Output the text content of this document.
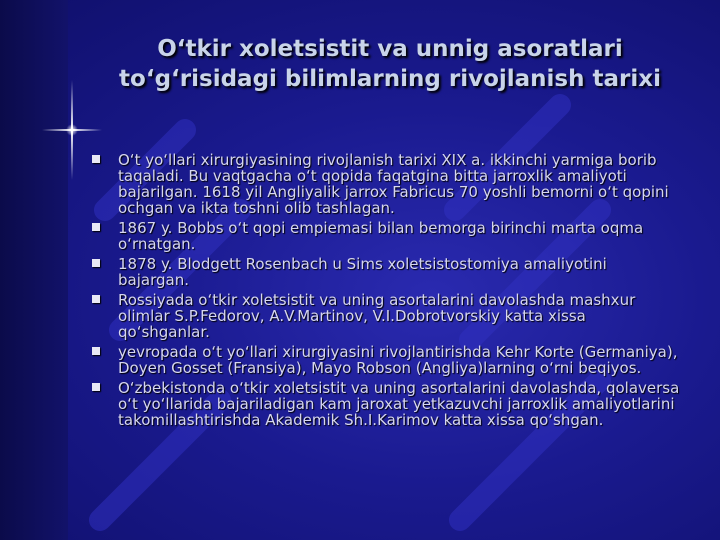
O‘tkir xoletsistit va unnig asoratlari to‘g‘risidagi bilimlarning rivojlanish tarixi
O‘t yo‘llari xirurgiyasining rivojlanish tarixi XIX a. ikkinchi yarmiga borib taqaladi. Bu vaqtgacha o‘t qopida faqatgina bitta jarroxlik amaliyoti bajarilgan. 1618 yil Angliyalik jarrox Fabricus 70 yoshli bemorni o‘t qopini ochgan va ikta toshni olib tashlagan.
1867 y. Bobbs o‘t qopi empiemasi bilan bemorga birinchi marta oqma o‘rnatgan.
1878 y. Blodgett Rosenbach u Sims xoletsistostomiya amaliyotini bajargan.
Rossiyada o‘tkir xoletsistit va uning asortalarini davolashda mashxur olimlar S.P.Fedorov, A.V.Martinov, V.I.Dobrotvorskiy katta xissa qo‘shganlar.
yevropada o‘t yo‘llari xirurgiyasini rivojlantirishda Kehr Korte (Germaniya), Doyen Gosset (Fransiya), Mayo Robson (Angliya)larning o‘rni beqiyos.
O‘zbekistonda o‘tkir xoletsistit va uning asortalarini davolashda, qolaversa o‘t yo‘llarida bajariladigan kam jaroxat yetkazuvchi jarroxlik amaliyotlarini takomillashtirishda Akademik Sh.I.Karimov katta xissa qo‘shgan.
